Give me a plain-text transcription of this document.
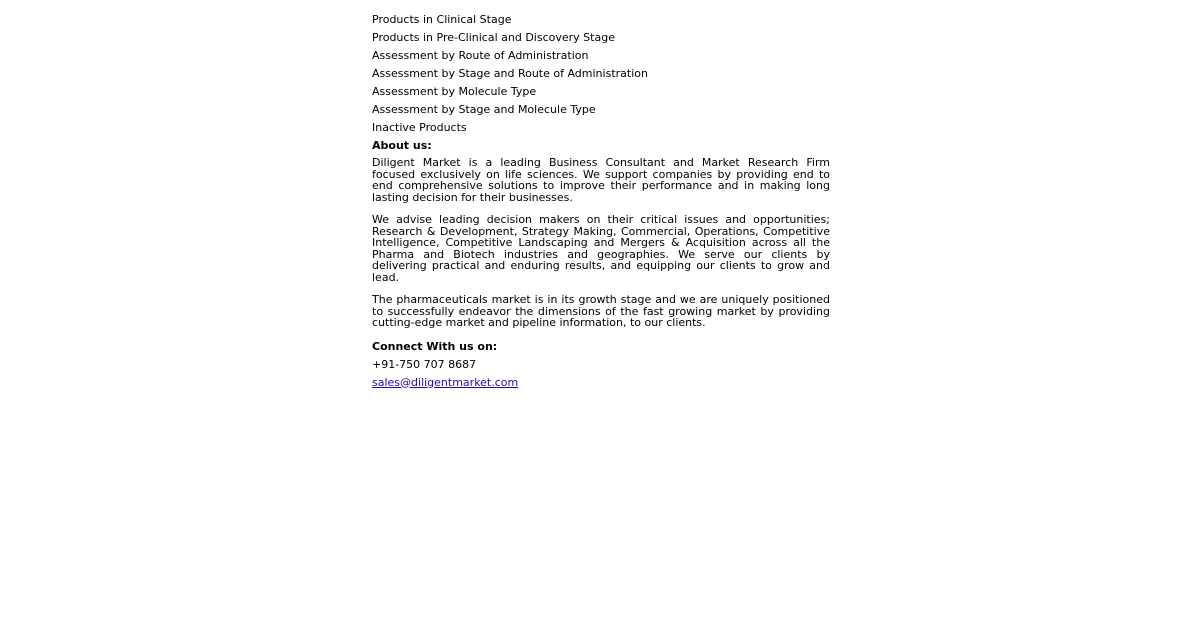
Products in Clinical Stage
Products in Pre-Clinical and Discovery Stage
Assessment by Route of Administration
Assessment by Stage and Route of Administration
Assessment by Molecule Type
Assessment by Stage and Molecule Type
Inactive Products
About us:

Diligent Market is a leading Business Consultant and Market Research Firm focused exclusively on life sciences. We support companies by providing end to end comprehensive solutions to improve their performance and in making long lasting decision for their businesses.

We advise leading decision makers on their critical issues and opportunities; Research & Development, Strategy Making, Commercial, Operations, Competitive Intelligence, Competitive Landscaping and Mergers & Acquisition across all the Pharma and Biotech industries and geographies. We serve our clients by delivering practical and enduring results, and equipping our clients to grow and lead.

The pharmaceuticals market is in its growth stage and we are uniquely positioned to successfully endeavor the dimensions of the fast growing market by providing cutting-edge market and pipeline information, to our clients.

Connect With us on:
+91-750 707 8687
sales@diligentmarket.com
